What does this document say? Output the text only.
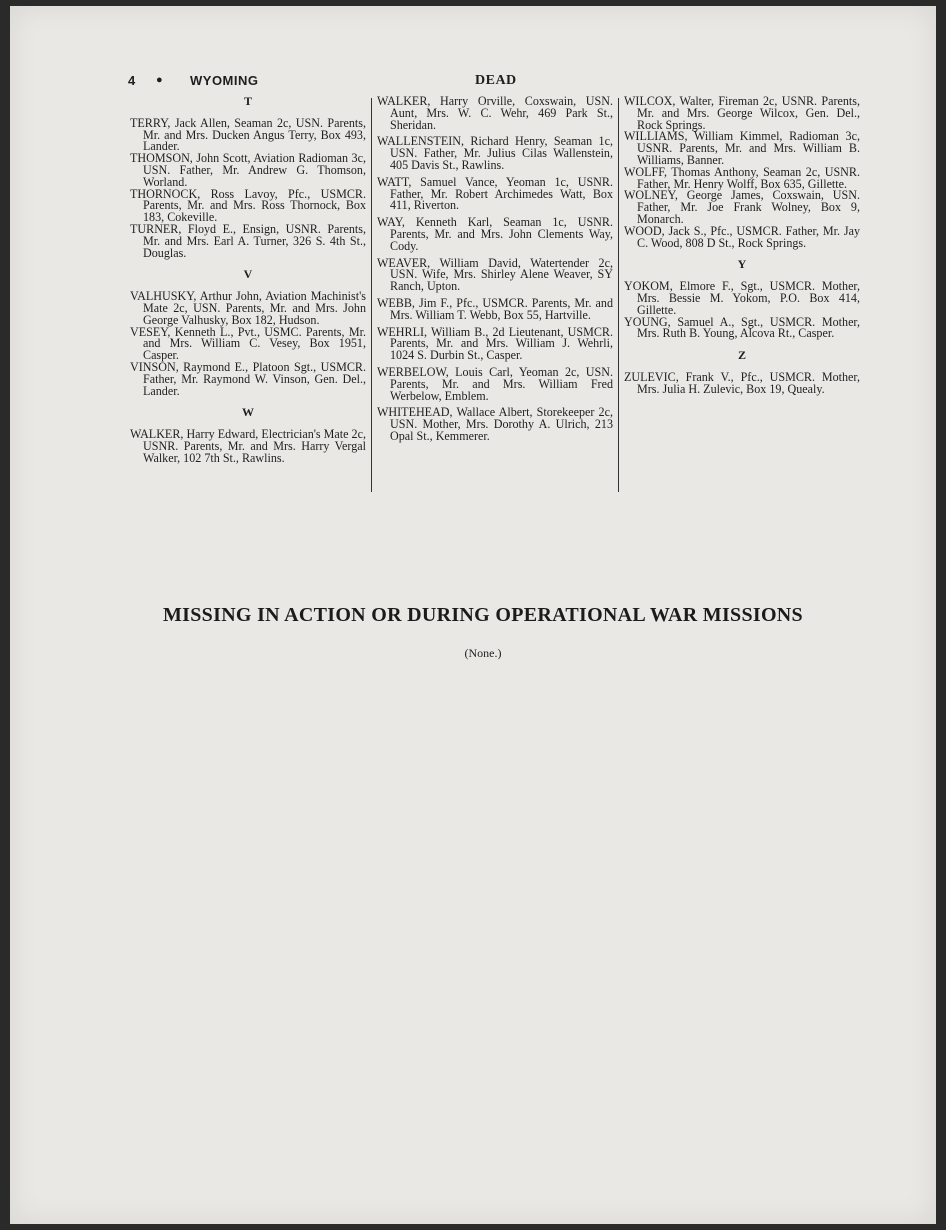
4 ● WYOMING	DEAD

T

TERRY, Jack Allen, Seaman 2c, USN. Parents, Mr. and Mrs. Ducken Angus Terry, Box 493, Lander.

THOMSON, John Scott, Aviation Radioman 3c, USN. Father, Mr. Andrew G. Thomson, Worland.

THORNOCK, Ross Lavoy, Pfc., USMCR. Parents, Mr. and Mrs. Ross Thornock, Box 183, Cokeville.

TURNER, Floyd E., Ensign, USNR. Parents, Mr. and Mrs. Earl A. Turner, 326 S. 4th St., Douglas.

V

VALHUSKY, Arthur John, Aviation Machinist's Mate 2c, USN. Parents, Mr. and Mrs. John George Valhusky, Box 182, Hudson.

VESEY, Kenneth L., Pvt., USMC. Parents, Mr. and Mrs. William C. Vesey, Box 1951, Casper.

VINSON, Raymond E., Platoon Sgt., USMCR. Father, Mr. Raymond W. Vinson, Gen. Del., Lander.

W

WALKER, Harry Edward, Electrician's Mate 2c, USNR. Parents, Mr. and Mrs. Harry Vergal Walker, 102 7th St., Rawlins.

WALKER, Harry Orville, Coxswain, USN. Aunt, Mrs. W. C. Wehr, 469 Park St., Sheridan.

WALLENSTEIN, Richard Henry, Seaman 1c, USN. Father, Mr. Julius Cilas Wallenstein, 405 Davis St., Rawlins.

WATT, Samuel Vance, Yeoman 1c, USNR. Father, Mr. Robert Archimedes Watt, Box 411, Riverton.

WAY, Kenneth Karl, Seaman 1c, USNR. Parents, Mr. and Mrs. John Clements Way, Cody.

WEAVER, William David, Watertender 2c, USN. Wife, Mrs. Shirley Alene Weaver, SY Ranch, Upton.

WEBB, Jim F., Pfc., USMCR. Parents, Mr. and Mrs. William T. Webb, Box 55, Hartville.

WEHRLI, William B., 2d Lieutenant, USMCR. Parents, Mr. and Mrs. William J. Wehrli, 1024 S. Durbin St., Casper.

WERBELOW, Louis Carl, Yeoman 2c, USN. Parents, Mr. and Mrs. William Fred Werbelow, Emblem.

WHITEHEAD, Wallace Albert, Storekeeper 2c, USN. Mother, Mrs. Dorothy A. Ulrich, 213 Opal St., Kemmerer.

WILCOX, Walter, Fireman 2c, USNR. Parents, Mr. and Mrs. George Wilcox, Gen. Del., Rock Springs.

WILLIAMS, William Kimmel, Radioman 3c, USNR. Parents, Mr. and Mrs. William B. Williams, Banner.

WOLFF, Thomas Anthony, Seaman 2c, USNR. Father, Mr. Henry Wolff, Box 635, Gillette.

WOLNEY, George James, Coxswain, USN. Father, Mr. Joe Frank Wolney, Box 9, Monarch.

WOOD, Jack S., Pfc., USMCR. Father, Mr. Jay C. Wood, 808 D St., Rock Springs.

Y

YOKOM, Elmore F., Sgt., USMCR. Mother, Mrs. Bessie M. Yokom, P.O. Box 414, Gillette.

YOUNG, Samuel A., Sgt., USMCR. Mother, Mrs. Ruth B. Young, Alcova Rt., Casper.

Z

ZULEVIC, Frank V., Pfc., USMCR. Mother, Mrs. Julia H. Zulevic, Box 19, Quealy.

MISSING IN ACTION OR DURING OPERATIONAL WAR MISSIONS
(None.)
